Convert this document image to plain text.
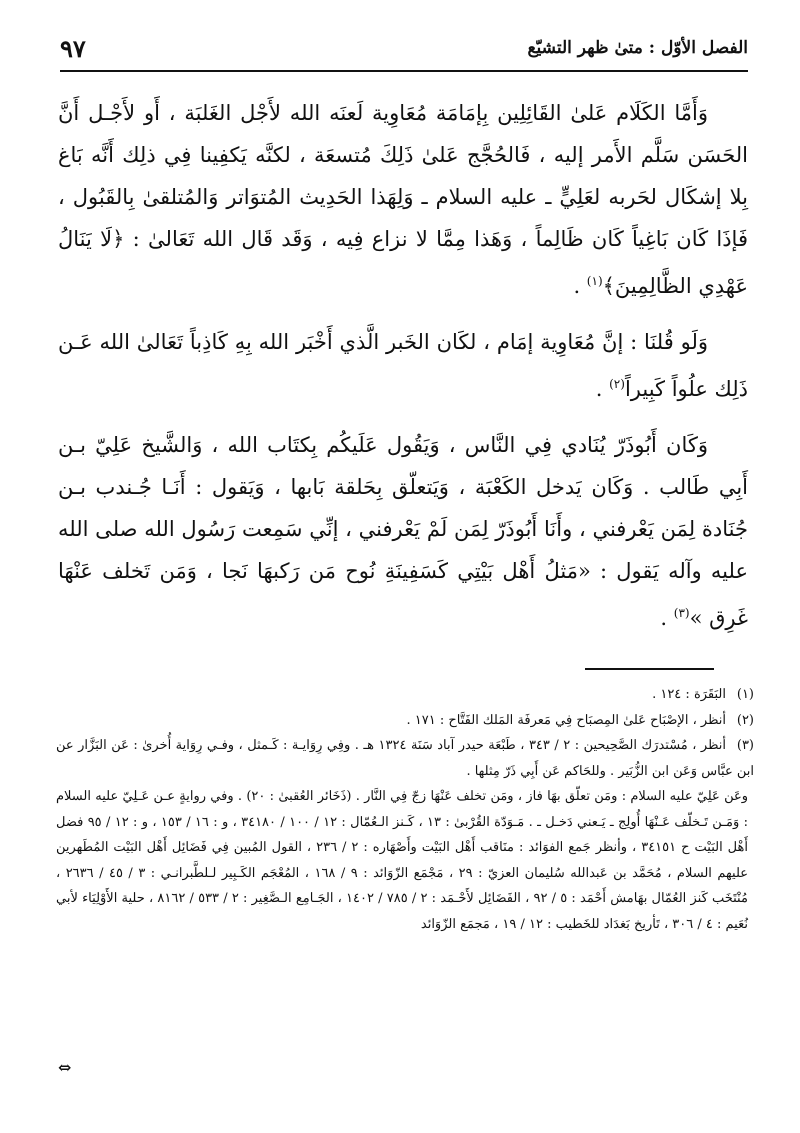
الفصل الأوّل : متىٰ ظهر التشيّع
٩٧

وَأَمَّا الكَلَام عَلىٰ القَائِلِين بِإمَامَة مُعَاوِية لَعنَه الله لأَجْل الغَلبَة ، أَو لأَجْـل أَنَّ الحَسَن سَلَّم الأَمر إليه ، فَالحُجَّج عَلىٰ ذَلِكَ مُتسعَة ، لكنَّه يَكفِينا فِي ذلِك أَنَّه بَاغ بِلا إشكَال لحَربه لعَلِيٍّ ـ عليه السلام ـ وَلِهَذا الحَدِيث المُتوَاتر وَالمُتلقىٰ بِالقَبُول ، فَإذَا كَان بَاغِياً كَان ظَالِماً ، وَهَذا مِمَّا لا نزاع فِيه ، وَقَد قَال الله تَعَالىٰ : ﴿لَا يَنَالُ عَهْدِي الظَّالِمِينَ﴾$^{(١)}$ .

وَلَو قُلنَا : إنَّ مُعَاوِية إمَام ، لكَان الخَبر الَّذي أَخْبَر الله بِهِ كَاذِباً تَعَالىٰ الله عَـن ذَلِك علُواً كَبِيراً$^{(٢)}$ .

وَكَان أَبُوذَرّ يُنَادي فِي النَّاس ، وَيَقُول عَلَيكُم بِكتَاب الله ، وَالشَّيخ عَلِيّ بـن أَبِي طَالب . وَكَان يَدخل الكَعْبَة ، وَيَتعلّق بِحَلقة بَابها ، وَيَقول : أَنَـا جُـندب بـن جُنَادة لِمَن يَعْرفني ، وأَنَا أَبُوذَرّ لِمَن لَمْ يَعْرفني ، إنِّي سَمِعت رَسُول الله صلى الله عليه وآله يَقول : «مَثلُ أَهْل بَيْتِي كَسَفِينَةِ نُوح مَن رَكبهَا نَجا ، وَمَن تَخلف عَنْهَا غَرِق »$^{(٣)}$ .

(١)البَقَرَة : ١٢٤ .

(٢)أنظر ، الإصْبَاح عَلىٰ المِصبَاح فِي مَعرفَة المَلك الفَتَّاح : ١٧١ .

(٣)أنظر ، مُسْتدرَك الصَّحِيحين : ٢ / ٣٤٣ ، طَبْعَة حيدر آباد سَنَة ١٣٢٤ هـ . وفِي رِوَايـة : كَـمثل ، وفـي رِوَاية أُخرىٰ : عَن البَزَّار عن ابن عبَّاس وَعَن ابن الزُّبَير . وللحَاكم عَن أَبِي ذَرّ مِثلها .

وعَن عَلِيّ عليه السلام : ومَن تعلّق بهَا فاز ، ومَن تخلف عَنْهَا زجّ فِي النَّار . (ذَخَائر العُقبىٰ : ٢٠) . وفي روايةٍ عـن عَـلِيّ عليه السلام : وَمَـن تَـخلّف عَـنْهَا أُولِج ـ يَـعني دَخـل ـ . مَـوَدّة القُرْبىٰ : ١٣ ، كَـنز الـعُمّال : ١٢ / ١٠٠ / ٣٤١٨٠ ، و : ١٦ / ١٥٣ ، و : ١٢ / ٩٥ فضل أَهْل البَيْت ح ٣٤١٥١ ، وأنظر جَمع الفوَائد : منَاقب أَهْل البَيْت وأَصْهَاره : ٢ / ٢٣٦ ، القول المُبين فِي فَضَائِل أَهْل البَيْت المُطَهرين عليهم السلام ، مُحَمَّد بن عَبدالله سُليمان العزيّ : ٢٩ ، مَجْمَع الزّوَائد : ٩ / ١٦٨ ، المُعْجَم الكَـبِير لـلطَّبرانـي : ٣ / ٤٥ / ٢٦٣٦ ، مُنْتَخَب كَنز العُمّال بهَامش أَحْمَد : ٥ / ٩٢ ، الفَضَائِل لأَحْـمَد : ٢ / ٧٨٥ / ١٤٠٢ ، الجَـامِع الـصَّغِير : ٢ / ٥٣٣ / ٨١٦٢ ، حلية الأَوْلِيَاء لأبي نُعَيم : ٤ / ٣٠٦ ، تَأريخ بَغدَاد للخَطيب : ١٢ / ١٩ ، مَجمَع الزّوَائد

⇔
